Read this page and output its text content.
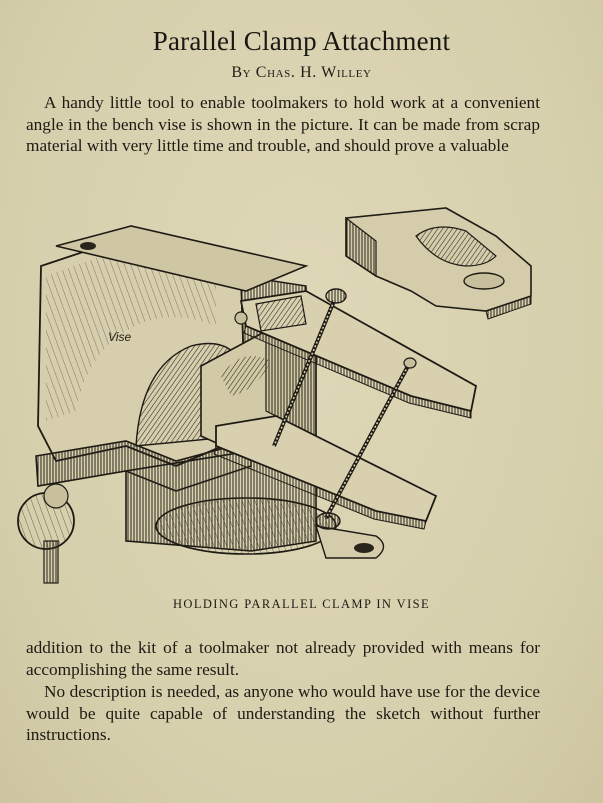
Parallel Clamp Attachment
By Chas. H. Willey
A handy little tool to enable toolmakers to hold work at a convenient angle in the bench vise is shown in the picture. It can be made from scrap material with very little time and trouble, and should prove a valuable
Vise
HOLDING PARALLEL CLAMP IN VISE
addition to the kit of a toolmaker not already provided with means for accomplishing the same result.
No description is needed, as anyone who would have use for the device would be quite capable of understanding the sketch without further instructions.
